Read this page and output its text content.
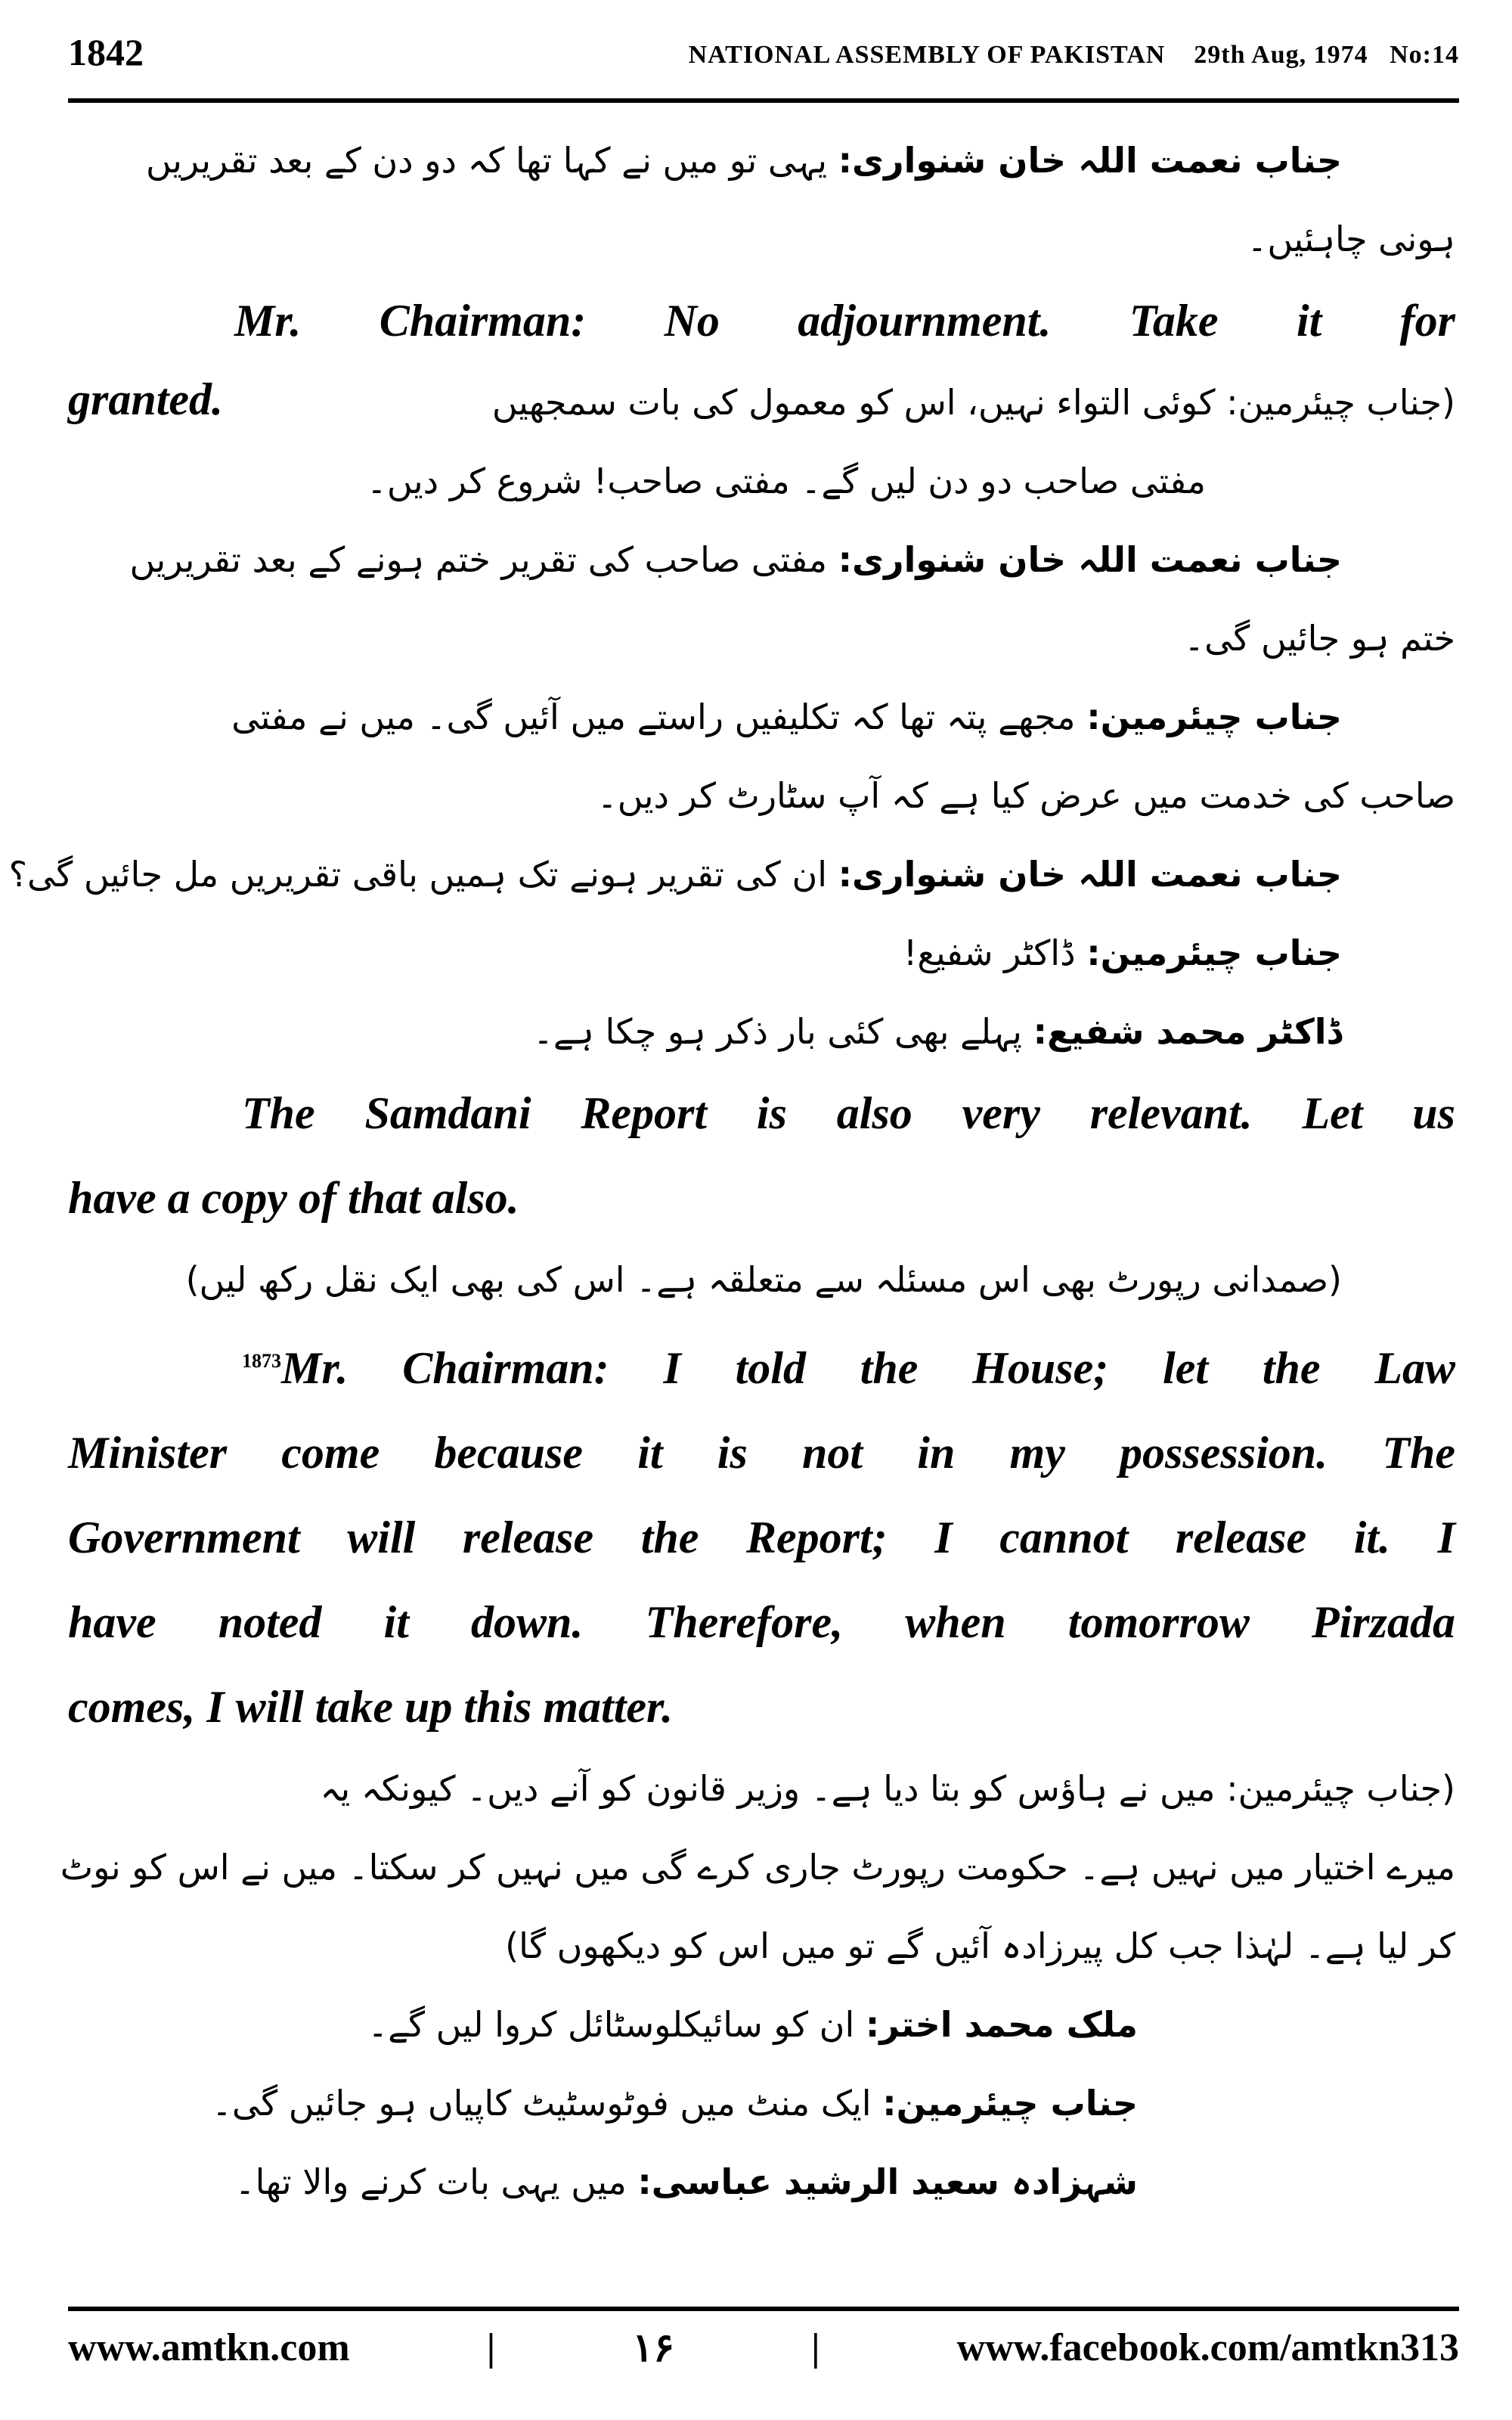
1842	NATIONAL ASSEMBLY OF PAKISTAN    29th Aug, 1974   No:14

جناب نعمت اللہ خان شنواری: یہی تو میں نے کہا تھا کہ دو دن کے بعد تقریریں

ہونی چاہئیں۔

Mr. Chairman: No adjournment. Take it for

granted.	(جناب چیئرمین: کوئی التواء نہیں، اس کو معمول کی بات سمجھیں

مفتی صاحب دو دن لیں گے۔ مفتی صاحب! شروع کر دیں۔

جناب نعمت اللہ خان شنواری: مفتی صاحب کی تقریر ختم ہونے کے بعد تقریریں

ختم ہو جائیں گی۔

جناب چیئرمین: مجھے پتہ تھا کہ تکلیفیں راستے میں آئیں گی۔ میں نے مفتی

صاحب کی خدمت میں عرض کیا ہے کہ آپ سٹارٹ کر دیں۔

جناب نعمت اللہ خان شنواری: ان کی تقریر ہونے تک ہمیں باقی تقریریں مل جائیں گی؟

جناب چیئرمین: ڈاکٹر شفیع!

ڈاکٹر محمد شفیع: پہلے بھی کئی بار ذکر ہو چکا ہے۔

The Samdani Report is also very relevant. Let us

have a copy of that also.

(صمدانی رپورٹ بھی اس مسئلہ سے متعلقہ ہے۔ اس کی بھی ایک نقل رکھ لیں)

$^{1873}$Mr. Chairman: I told the House; let the Law

Minister come because it is not in my possession. The

Government will release the Report; I cannot release it. I

have noted it down. Therefore, when tomorrow Pirzada

comes, I will take up this matter.

(جناب چیئرمین: میں نے ہاؤس کو بتا دیا ہے۔ وزیر قانون کو آنے دیں۔ کیونکہ یہ

میرے اختیار میں نہیں ہے۔ حکومت رپورٹ جاری کرے گی میں نہیں کر سکتا۔ میں نے اس کو نوٹ

کر لیا ہے۔ لہٰذا جب کل پیرزادہ آئیں گے تو میں اس کو دیکھوں گا)

ملک محمد اختر: ان کو سائیکلوسٹائل کروا لیں گے۔

جناب چیئرمین: ایک منٹ میں فوٹوسٹیٹ کاپیاں ہو جائیں گی۔

شہزادہ سعید الرشید عباسی: میں یہی بات کرنے والا تھا۔

www.amtkn.com	|	۱۶	|	www.facebook.com/amtkn313
